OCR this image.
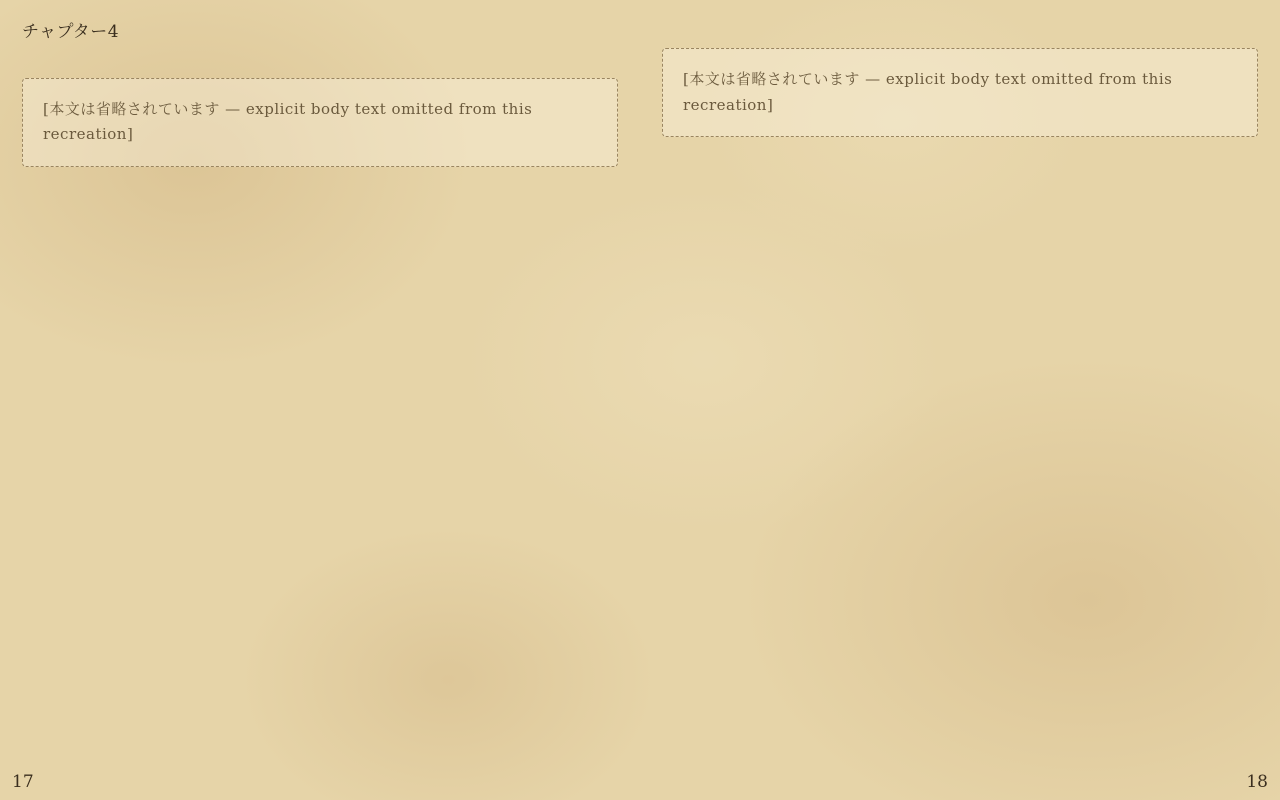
チャプター4
[本文は省略されています — explicit body text omitted from this recreation]
17
[本文は省略されています — explicit body text omitted from this recreation]
18
